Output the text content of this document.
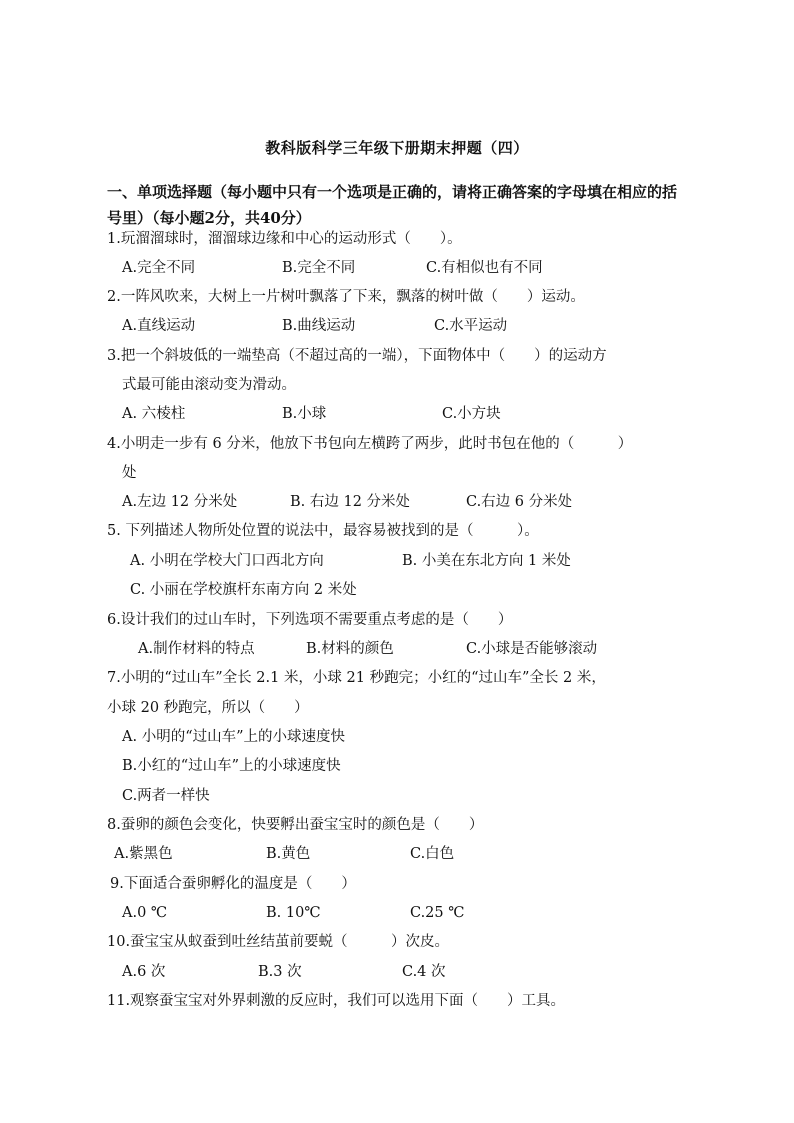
教科版科学三年级下册期末押题（四）
一、单项选择题（每小题中只有一个选项是正确的，请将正确答案的字母填在相应的括号里）（每小题2分，共40分）
1.玩溜溜球时，溜溜球边缘和中心的运动形式（　　）。
A.完全不同	B.完全不同	C.有相似也有不同
2.一阵风吹来，大树上一片树叶飘落了下来，飘落的树叶做（　　）运动。
A.直线运动	B.曲线运动	C.水平运动
3.把一个斜坡低的一端垫高（不超过高的一端），下面物体中（　　）的运动方
式最可能由滚动变为滑动。
A. 六棱柱	B.小球	C.小方块
4.小明走一步有 6 分米，他放下书包向左横跨了两步，此时书包在他的（　　　）
处
A.左边 12 分米处	B. 右边 12 分米处	C.右边 6 分米处
5. 下列描述人物所处位置的说法中，最容易被找到的是（　　　）。
A. 小明在学校大门口西北方向	B. 小美在东北方向 1 米处
C. 小丽在学校旗杆东南方向 2 米处
6.设计我们的过山车时，下列选项不需要重点考虑的是（　　）
A.制作材料的特点	B.材料的颜色	C.小球是否能够滚动
7.小明的“过山车”全长 2.1 米，小球 21 秒跑完；小红的“过山车”全长 2 米，
小球 20 秒跑完，所以（　　）
A. 小明的“过山车”上的小球速度快
B.小红的“过山车”上的小球速度快
C.两者一样快
8.蚕卵的颜色会变化，快要孵出蚕宝宝时的颜色是（　　）
A.紫黑色	B.黄色	C.白色
9.下面适合蚕卵孵化的温度是（　　）
A.0 ℃	B. 10℃	C.25 ℃
10.蚕宝宝从蚁蚕到吐丝结茧前要蜕（　　　）次皮。
A.6 次	B.3 次	C.4 次
11.观察蚕宝宝对外界刺激的反应时，我们可以选用下面（　　）工具。
